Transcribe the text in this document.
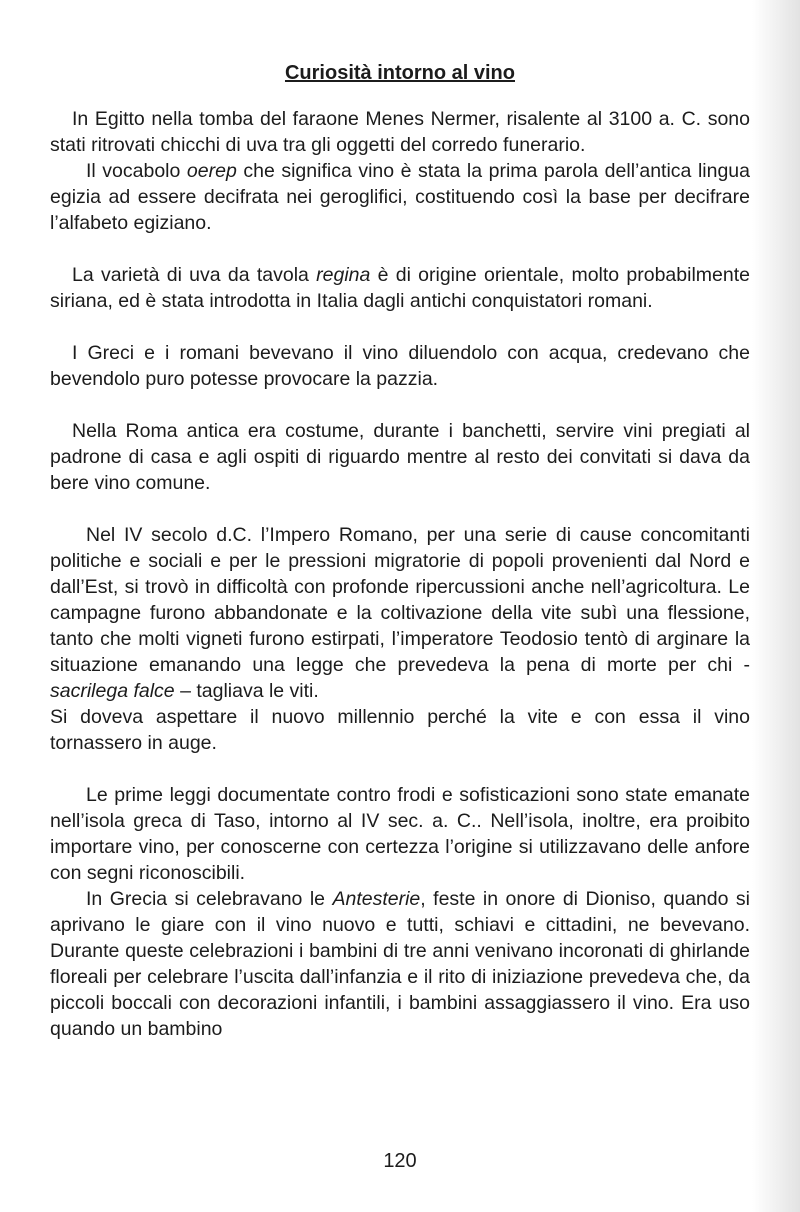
Curiosità intorno al vino

In Egitto nella tomba del faraone Menes Nermer, risalente al 3100 a. C. sono stati ritrovati chicchi di uva tra gli oggetti del corredo funerario.

Il vocabolo oerep che significa vino è stata la prima parola dell’antica lingua egizia ad essere decifrata nei geroglifici, costituendo così la base per decifrare l’alfabeto egiziano.

La varietà di uva da tavola regina è di origine orientale, molto probabilmente siriana, ed è stata introdotta in Italia dagli antichi conquistatori romani.

I Greci e i romani bevevano il vino diluendolo con acqua, credevano che bevendolo puro potesse provocare la pazzia.

Nella Roma antica era costume, durante i banchetti, servire vini pregiati al padrone di casa e agli ospiti di riguardo mentre al resto dei convitati si dava da bere vino comune.

Nel IV secolo d.C. l’Impero Romano, per una serie di cause concomitanti politiche e sociali e per le pressioni migratorie di popoli provenienti dal Nord e dall’Est, si trovò in difficoltà con profonde ripercussioni anche nell’agricoltura. Le campagne furono abbandonate e la coltivazione della vite subì una flessione, tanto che molti vigneti furono estirpati, l’imperatore Teodosio tentò di arginare la situazione emanando una legge che prevedeva la pena di morte per chi - sacrilega falce – tagliava le viti.

Si doveva aspettare il nuovo millennio perché la vite e con essa il vino tornassero in auge.

Le prime leggi documentate contro frodi e sofisticazioni sono state emanate nell’isola greca di Taso, intorno al IV sec. a. C.. Nell’isola, inoltre, era proibito importare vino, per conoscerne con certezza l’origine si utilizzavano delle anfore con segni riconoscibili.

In Grecia si celebravano le Antesterie, feste in onore di Dioniso, quando si aprivano le giare con il vino nuovo e tutti, schiavi e cittadini, ne bevevano. Durante queste celebrazioni i bambini di tre anni venivano incoronati di ghirlande floreali per celebrare l’uscita dall’infanzia e il rito di iniziazione prevedeva che, da piccoli boccali con decorazioni infantili, i bambini assaggiassero il vino. Era uso quando un bambino

120
